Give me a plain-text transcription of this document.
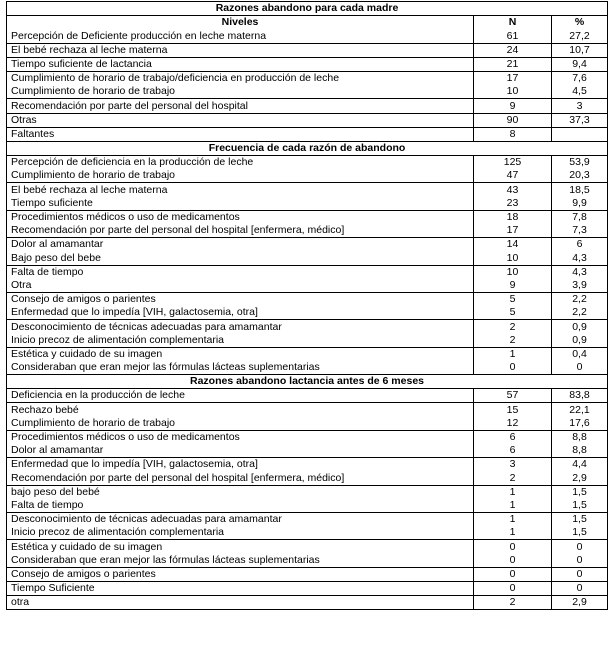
Razones abandono para cada madre		
Niveles	N	%
Percepción de Deficiente producción en leche materna	61	27,2
El bebé rechaza al leche materna	24	10,7
Tiempo suficiente de lactancia	21	9,4
Cumplimiento de horario de trabajo/deficiencia en producción de leche	17	7,6
Cumplimiento de horario de trabajo	10	4,5
Recomendación por parte del personal del hospital	9	3
Otras	90	37,3
Faltantes	8	
Frecuencia de cada razón de abandono		
Percepción de deficiencia en la producción de leche	125	53,9
Cumplimiento de horario de trabajo	47	20,3
El bebé rechaza al leche materna	43	18,5
Tiempo suficiente	23	9,9
Procedimientos médicos o uso de medicamentos	18	7,8
Recomendación por parte del personal del hospital [enfermera, médico]	17	7,3
Dolor al amamantar	14	6
Bajo peso del bebe	10	4,3
Falta de tiempo	10	4,3
Otra	9	3,9
Consejo de amigos o parientes	5	2,2
Enfermedad que lo impedía [VIH, galactosemia, otra]	5	2,2
Desconocimiento de técnicas adecuadas para amamantar	2	0,9
Inicio precoz de alimentación complementaria	2	0,9
Estética y cuidado de su imagen	1	0,4
Consideraban que eran mejor las fórmulas lácteas suplementarias	0	0
Razones abandono lactancia antes de 6 meses		
Deficiencia en la producción de leche	57	83,8
Rechazo bebé	15	22,1
Cumplimiento de horario de trabajo	12	17,6
Procedimientos médicos o uso de medicamentos	6	8,8
Dolor al amamantar	6	8,8
Enfermedad que lo impedía [VIH, galactosemia, otra]	3	4,4
Recomendación por parte del personal del hospital [enfermera, médico]	2	2,9
bajo peso del bebé	1	1,5
Falta de tiempo	1	1,5
Desconocimiento de técnicas adecuadas para amamantar	1	1,5
Inicio precoz de alimentación complementaria	1	1,5
Estética y cuidado de su imagen	0	0
Consideraban que eran mejor las fórmulas lácteas suplementarias	0	0
Consejo de amigos o parientes	0	0
Tiempo Suficiente	0	0
otra	2	2,9
